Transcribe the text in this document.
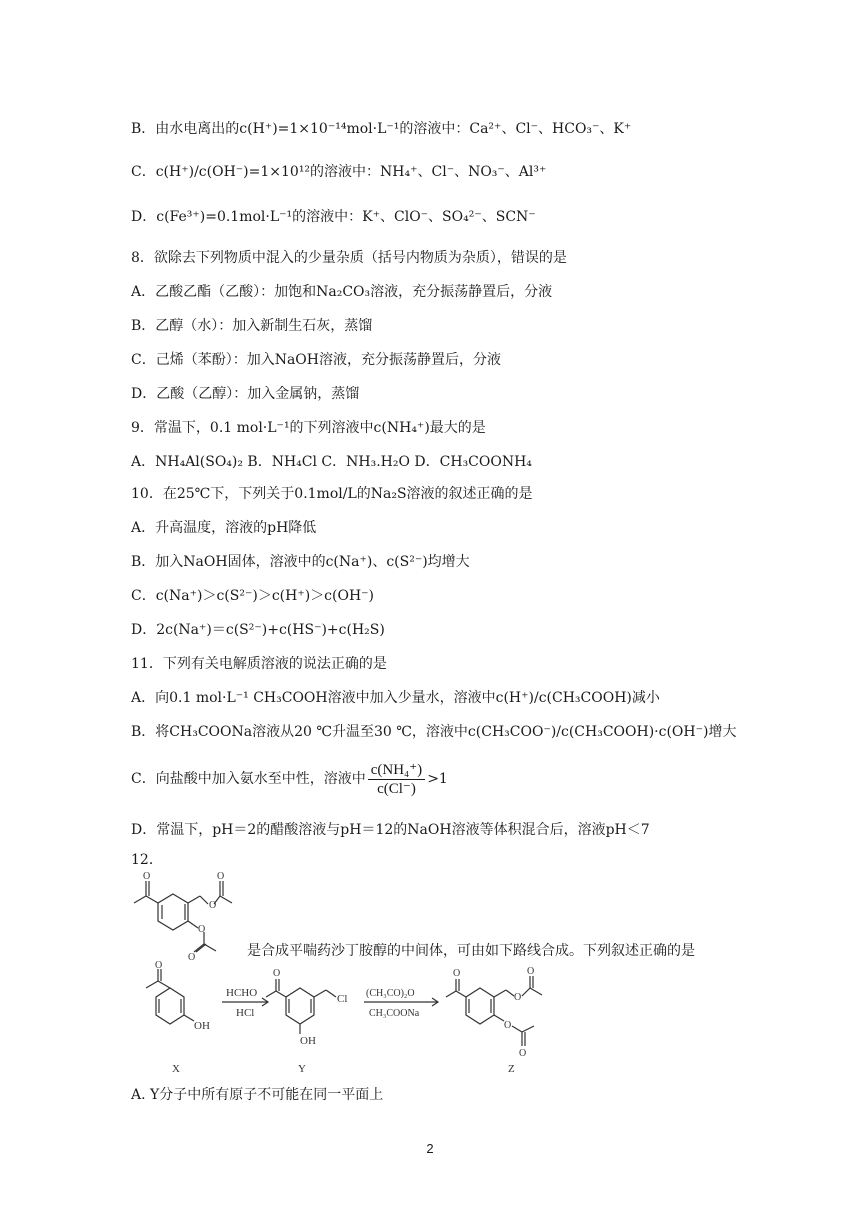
B．由水电离出的c(H⁺)=1×10⁻¹⁴mol·L⁻¹的溶液中：Ca²⁺、Cl⁻、HCO₃⁻、K⁺
C．c(H⁺)/c(OH⁻)=1×10¹²的溶液中：NH₄⁺、Cl⁻、NO₃⁻、Al³⁺
D．c(Fe³⁺)=0.1mol·L⁻¹的溶液中：K⁺、ClO⁻、SO₄²⁻、SCN⁻
8．欲除去下列物质中混入的少量杂质（括号内物质为杂质），错误的是
A．乙酸乙酯（乙酸）：加饱和Na₂CO₃溶液，充分振荡静置后，分液
B．乙醇（水）：加入新制生石灰，蒸馏
C．己烯（苯酚）：加入NaOH溶液，充分振荡静置后，分液
D．乙酸（乙醇）：加入金属钠，蒸馏
9．常温下，0.1 mol·L⁻¹的下列溶液中c(NH₄⁺)最大的是
A．NH₄Al(SO₄)₂ B．NH₄Cl C．NH₃.H₂O D．CH₃COONH₄
10．在25℃下，下列关于0.1mol/L的Na₂S溶液的叙述正确的是
A．升高温度，溶液的pH降低
B．加入NaOH固体，溶液中的c(Na⁺)、c(S²⁻)均增大
C．c(Na⁺)＞c(S²⁻)＞c(H⁺)＞c(OH⁻)
D．2c(Na⁺)＝c(S²⁻)+c(HS⁻)+c(H₂S)
11．下列有关电解质溶液的说法正确的是
A．向0.1 mol·L⁻¹ CH₃COOH溶液中加入少量水，溶液中c(H⁺)/c(CH₃COOH)减小
B．将CH₃COONa溶液从20 ℃升温至30 ℃，溶液中c(CH₃COO⁻)/c(CH₃COOH)·c(OH⁻)增大
C．向盐酸中加入氨水至中性，溶液中 $\frac{\text{c(NH₄⁺)}}{c(Cl^-)} >1$
D．常温下，pH＝2的醋酸溶液与pH＝12的NaOH溶液等体积混合后，溶液pH＜7
12．
O
O
O
O
O	是合成平喘药沙丁胺醇的中间体，可由如下路线合成。下列叙述正确的是
O
OH
HCHO
HCl
O
Cl
OH
(CH₃CO)₂O
CH₃COONa
O
O
O
O
O
X	Y	Z
A. Y分子中所有原子不可能在同一平面上
2
